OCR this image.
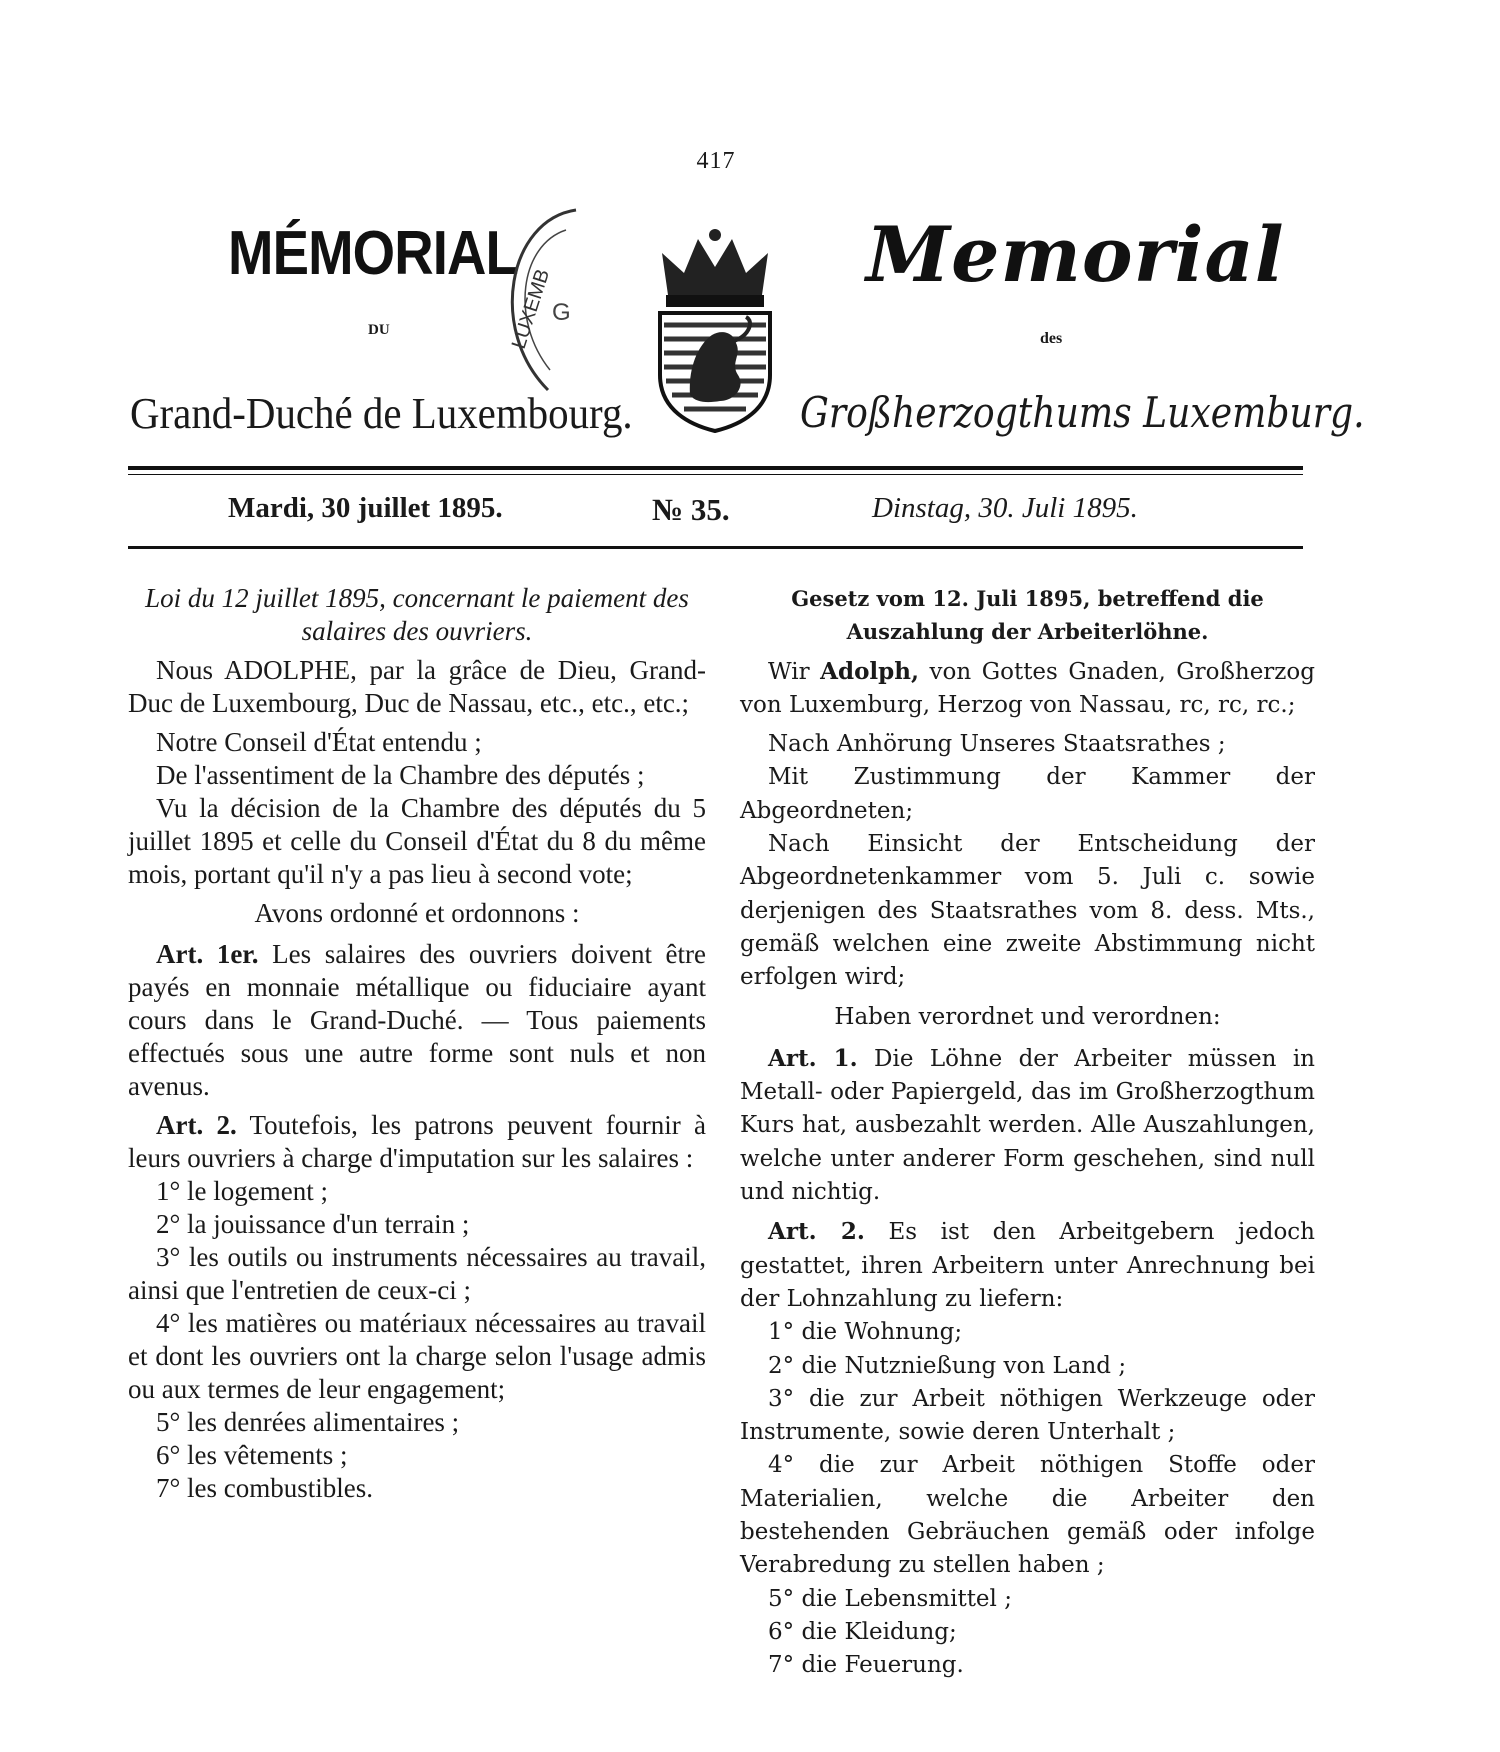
417
MÉMORIAL
LUXEMB
G
Memorial
DU	des
Grand-Duché de Luxembourg.	Großherzogthums Luxemburg.
Mardi, 30 juillet 1895.	№ 35.	Dinstag, 30. Juli 1895.

Loi du 12 juillet 1895, concernant le paiement des salaires des ouvriers.

Nous ADOLPHE, par la grâce de Dieu, Grand-Duc de Luxembourg, Duc de Nassau, etc., etc., etc.;

Notre Conseil d'État entendu ;

De l'assentiment de la Chambre des députés ;

Vu la décision de la Chambre des députés du 5 juillet 1895 et celle du Conseil d'État du 8 du même mois, portant qu'il n'y a pas lieu à second vote;

Avons ordonné et ordonnons :

Art. 1er. Les salaires des ouvriers doivent être payés en monnaie métallique ou fiduciaire ayant cours dans le Grand-Duché. — Tous paiements effectués sous une autre forme sont nuls et non avenus.

Art. 2. Toutefois, les patrons peuvent fournir à leurs ouvriers à charge d'imputation sur les salaires :

1° le logement ;

2° la jouissance d'un terrain ;

3° les outils ou instruments nécessaires au travail, ainsi que l'entretien de ceux-ci ;

4° les matières ou matériaux nécessaires au travail et dont les ouvriers ont la charge selon l'usage admis ou aux termes de leur engagement;

5° les denrées alimentaires ;

6° les vêtements ;

7° les combustibles.

Gesetz vom 12. Juli 1895, betreffend die Auszahlung der Arbeiterlöhne.

Wir Adolph, von Gottes Gnaden, Großherzog von Luxemburg, Herzog von Nassau, rc, rc, rc.;

Nach Anhörung Unseres Staatsrathes ;

Mit Zustimmung der Kammer der Abgeordneten;

Nach Einsicht der Entscheidung der Abgeordnetenkammer vom 5. Juli c. sowie derjenigen des Staatsrathes vom 8. dess. Mts., gemäß welchen eine zweite Abstimmung nicht erfolgen wird;

Haben verordnet und verordnen:

Art. 1. Die Löhne der Arbeiter müssen in Metall- oder Papiergeld, das im Großherzogthum Kurs hat, ausbezahlt werden. Alle Auszahlungen, welche unter anderer Form geschehen, sind null und nichtig.

Art. 2. Es ist den Arbeitgebern jedoch gestattet, ihren Arbeitern unter Anrechnung bei der Lohnzahlung zu liefern:

1° die Wohnung;

2° die Nutznießung von Land ;

3° die zur Arbeit nöthigen Werkzeuge oder Instrumente, sowie deren Unterhalt ;

4° die zur Arbeit nöthigen Stoffe oder Materialien, welche die Arbeiter den bestehenden Gebräuchen gemäß oder infolge Verabredung zu stellen haben ;

5° die Lebensmittel ;

6° die Kleidung;

7° die Feuerung.
